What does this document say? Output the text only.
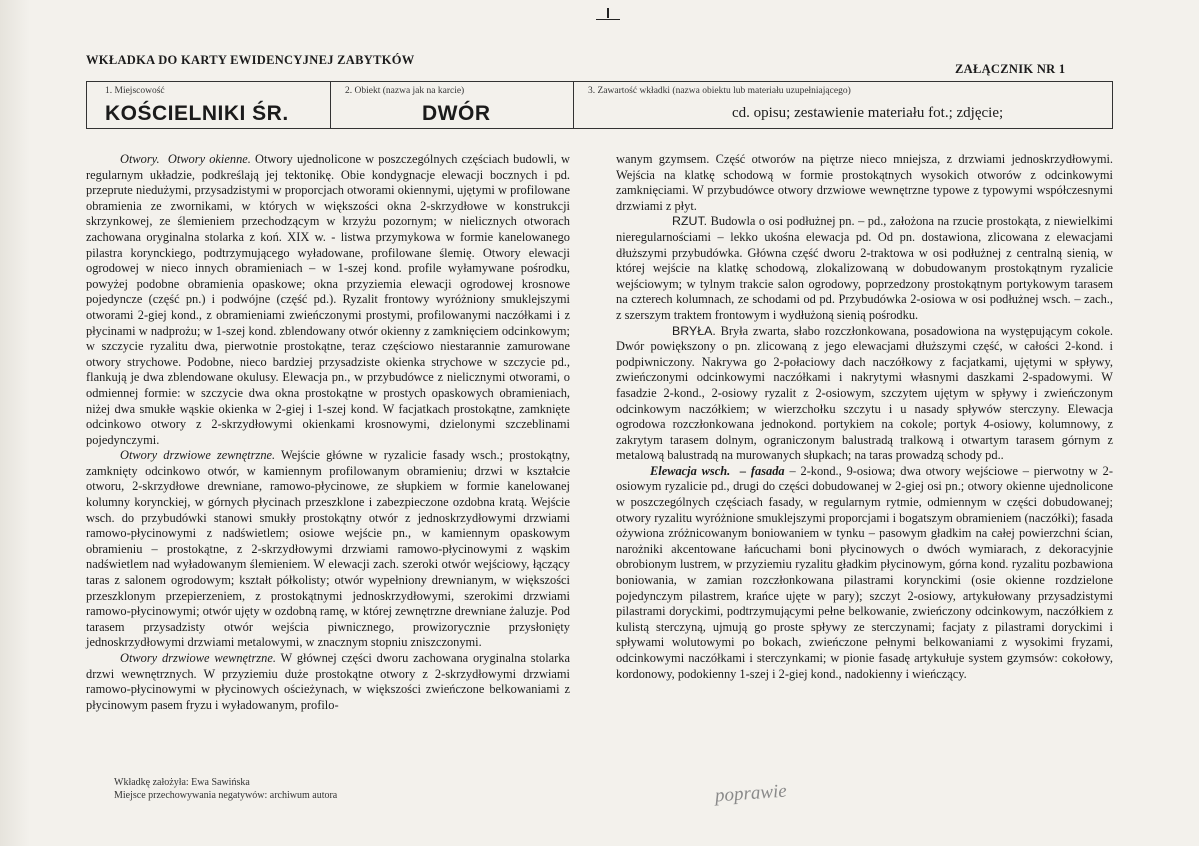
WKŁADKA DO KARTY EWIDENCYJNEJ ZABYTKÓW
ZAŁĄCZNIK NR 1
1. Miejscowość
KOŚCIELNIKI ŚR.
2. Obiekt (nazwa jak na karcie)
DWÓR
3. Zawartość wkładki (nazwa obiektu lub materiału uzupełniającego)
cd. opisu; zestawienie materiału fot.; zdjęcie;

Otwory. Otwory okienne. Otwory ujednolicone w poszczególnych częściach budowli, w regularnym układzie, podkreślają jej tektonikę. Obie kondygnacje elewacji bocznych i pd. przeprute niedużymi, przysadzistymi w proporcjach otworami okiennymi, ujętymi w profilowane obramienia ze zwornikami, w których w większości okna 2-skrzydłowe w konstrukcji skrzynkowej, ze ślemieniem przechodzącym w krzyżu pozornym; w nielicznych otworach zachowana oryginalna stolarka z koń. XIX w. - listwa przymykowa w formie kanelowanego pilastra korynckiego, podtrzymującego wyładowane, profilowane ślemię. Otwory elewacji ogrodowej w nieco innych obramieniach – w 1-szej kond. profile wyłamywane pośrodku, powyżej podobne obramienia opaskowe; okna przyziemia elewacji ogrodowej krosnowe pojedyncze (część pn.) i podwójne (część pd.). Ryzalit frontowy wyróżniony smuklejszymi otworami 2-giej kond., z obramieniami zwieńczonymi prostymi, profilowanymi naczółkami i z płycinami w nadprożu; w 1-szej kond. zblendowany otwór okienny z zamknięciem odcinkowym; w szczycie ryzalitu dwa, pierwotnie prostokątne, teraz częściowo niestarannie zamurowane otwory strychowe. Podobne, nieco bardziej przysadziste okienka strychowe w szczycie pd., flankują je dwa zblendowane okulusy. Elewacja pn., w przybudówce z nielicznymi otworami, o odmiennej formie: w szczycie dwa okna prostokątne w prostych opaskowych obramieniach, niżej dwa smukłe wąskie okienka w 2-giej i 1-szej kond. W facjatkach prostokątne, zamknięte odcinkowo otwory z 2-skrzydłowymi okienkami krosnowymi, dzielonymi szczeblinami pojedynczymi.

Otwory drzwiowe zewnętrzne. Wejście główne w ryzalicie fasady wsch.; prostokątny, zamknięty odcinkowo otwór, w kamiennym profilowanym obramieniu; drzwi w kształcie otworu, 2-skrzydłowe drewniane, ramowo-płycinowe, ze słupkiem w formie kanelowanej kolumny korynckiej, w górnych płycinach przeszklone i zabezpieczone ozdobna kratą. Wejście wsch. do przybudówki stanowi smukły prostokątny otwór z jednoskrzydłowymi drzwiami ramowo-płycinowymi z nadświetlem; osiowe wejście pn., w kamiennym opaskowym obramieniu – prostokątne, z 2-skrzydłowymi drzwiami ramowo-płycinowymi z wąskim nadświetlem nad wyładowanym ślemieniem. W elewacji zach. szeroki otwór wejściowy, łączący taras z salonem ogrodowym; kształt półkolisty; otwór wypełniony drewnianym, w większości przeszklonym przepierzeniem, z prostokątnymi jednoskrzydłowymi, szerokimi drzwiami ramowo-płycinowymi; otwór ujęty w ozdobną ramę, w której zewnętrzne drewniane żaluzje. Pod tarasem przysadzisty otwór wejścia piwnicznego, prowizorycznie przysłonięty jednoskrzydłowymi drzwiami metalowymi, w znacznym stopniu zniszczonymi.

Otwory drzwiowe wewnętrzne. W głównej części dworu zachowana oryginalna stolarka drzwi wewnętrznych. W przyziemiu duże prostokątne otwory z 2-skrzydłowymi drzwiami ramowo-płycinowymi w płycinowych ościeżynach, w większości zwieńczone belkowaniami z płycinowym pasem fryzu i wyładowanym, profilo-

wanym gzymsem. Część otworów na piętrze nieco mniejsza, z drzwiami jednoskrzydłowymi. Wejścia na klatkę schodową w formie prostokątnych wysokich otworów z odcinkowymi zamknięciami. W przybudówce otwory drzwiowe wewnętrzne typowe z typowymi współczesnymi drzwiami z płyt.

RZUT. Budowla o osi podłużnej pn. – pd., założona na rzucie prostokąta, z niewielkimi nieregularnościami – lekko ukośna elewacja pd. Od pn. dostawiona, zlicowana z elewacjami dłuższymi przybudówka. Główna część dworu 2-traktowa w osi podłużnej z centralną sienią, w której wejście na klatkę schodową, zlokalizowaną w dobudowanym prostokątnym ryzalicie wejściowym; w tylnym trakcie salon ogrodowy, poprzedzony prostokątnym portykowym tarasem na czterech kolumnach, ze schodami od pd. Przybudówka 2-osiowa w osi podłużnej wsch. – zach., z szerszym traktem frontowym i wydłużoną sienią pośrodku.

BRYŁA. Bryła zwarta, słabo rozczłonkowana, posadowiona na występującym cokole. Dwór powiększony o pn. zlicowaną z jego elewacjami dłuższymi część, w całości 2-kond. i podpiwniczony. Nakrywa go 2-połaciowy dach naczółkowy z facjatkami, ujętymi w spływy, zwieńczonymi odcinkowymi naczółkami i nakrytymi własnymi daszkami 2-spadowymi. W fasadzie 2-kond., 2-osiowy ryzalit z 2-osiowym, szczytem ujętym w spływy i zwieńczonym odcinkowym naczółkiem; w wierzchołku szczytu i u nasady spływów sterczyny. Elewacja ogrodowa rozczłonkowana jednokond. portykiem na cokole; portyk 4-osiowy, kolumnowy, z zakrytym tarasem dolnym, ograniczonym balustradą tralkową i otwartym tarasem górnym z metalową balustradą na murowanych słupkach; na taras prowadzą schody pd..

Elewacja wsch. – fasada – 2-kond., 9-osiowa; dwa otwory wejściowe – pierwotny w 2-osiowym ryzalicie pd., drugi do części dobudowanej w 2-giej osi pn.; otwory okienne ujednolicone w poszczególnych częściach fasady, w regularnym rytmie, odmiennym w części dobudowanej; otwory ryzalitu wyróżnione smuklejszymi proporcjami i bogatszym obramieniem (naczółki); fasada ożywiona zróżnicowanym boniowaniem w tynku – pasowym gładkim na całej powierzchni ścian, narożniki akcentowane łańcuchami boni płycinowych o dwóch wymiarach, z dekoracyjnie obrobionym lustrem, w przyziemiu ryzalitu gładkim płycinowym, górna kond. ryzalitu pozbawiona boniowania, w zamian rozczłonkowana pilastrami korynckimi (osie okienne rozdzielone pojedynczym pilastrem, krańce ujęte w pary); szczyt 2-osiowy, artykułowany przysadzistymi pilastrami doryckimi, podtrzymującymi pełne belkowanie, zwieńczony odcinkowym, naczółkiem z kulistą sterczyną, ujmują go proste spływy ze sterczynami; facjaty z pilastrami doryckimi i spływami wolutowymi po bokach, zwieńczone pełnymi belkowaniami z wysokimi fryzami, odcinkowymi naczółkami i sterczynkami; w pionie fasadę artykułuje system gzymsów: cokołowy, kordonowy, podokienny 1-szej i 2-giej kond., nadokienny i wieńczący.

Wkładkę założyła: Ewa Sawińska
Miejsce przechowywania negatywów: archiwum autora	poprawie
